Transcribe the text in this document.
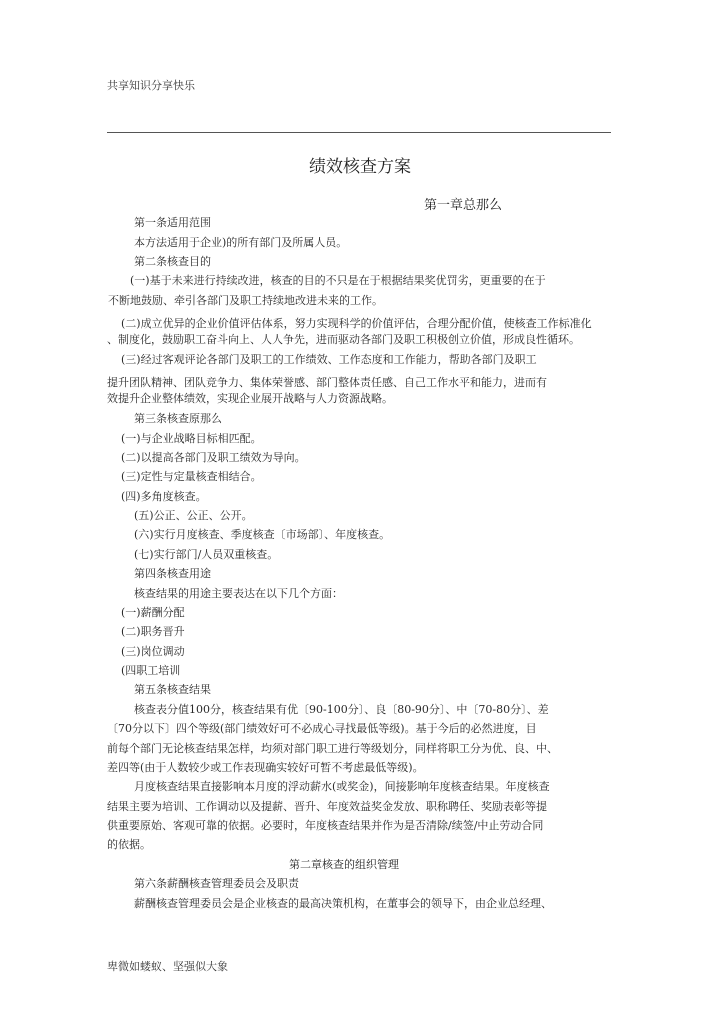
共享知识分享快乐
绩效核查方案
第一章总那么
第一条适用范围
本方法适用于企业)的所有部门及所属人员。
第二条核查目的
(一)基于未来进行持续改进，核查的目的不只是在于根据结果奖优罚劣，更重要的在于
不断地鼓励、牵引各部门及职工持续地改进未来的工作。
(二)成立优异的企业价值评估体系，努力实现科学的价值评估，合理分配价值，使核查工作标准化
、制度化，鼓励职工奋斗向上、人人争先，进而驱动各部门及职工积极创立价值，形成良性循环。
(三)经过客观评论各部门及职工的工作绩效、工作态度和工作能力，帮助各部门及职工
提升团队精神、团队竞争力、集体荣誉感、部门整体责任感、自己工作水平和能力，进而有
效提升企业整体绩效，实现企业展开战略与人力资源战略。
第三条核查原那么
(一)与企业战略目标相匹配。
(二)以提高各部门及职工绩效为导向。
(三)定性与定量核查相结合。
(四)多角度核查。
(五)公正、公正、公开。
(六)实行月度核查、季度核查〔市场部〕、年度核查。
(七)实行部门/人员双重核查。
第四条核查用途
核查结果的用途主要表达在以下几个方面：
(一)薪酬分配
(二)职务晋升
(三)岗位调动
(四职工培训
第五条核查结果
核查表分值100分，核查结果有优〔90-100分〕、良〔80-90分〕、中〔70-80分〕、差
〔70分以下〕四个等级(部门绩效好可不必成心寻找最低等级)。基于今后的必然进度，目
前每个部门无论核查结果怎样，均须对部门职工进行等级划分，同样将职工分为优、良、中、
差四等(由于人数较少或工作表现确实较好可暂不考虑最低等级)。
月度核查结果直接影响本月度的浮动薪水(或奖金)，间接影响年度核查结果。年度核查
结果主要为培训、工作调动以及提薪、晋升、年度效益奖金发放、职称聘任、奖励表彰等提
供重要原始、客观可靠的依据。必要时，年度核查结果并作为是否清除/续签/中止劳动合同
的依据。
第二章核查的组织管理
第六条薪酬核查管理委员会及职责
薪酬核查管理委员会是企业核查的最高决策机构，在董事会的领导下，由企业总经理、
卑微如蝼蚁、坚强似大象
